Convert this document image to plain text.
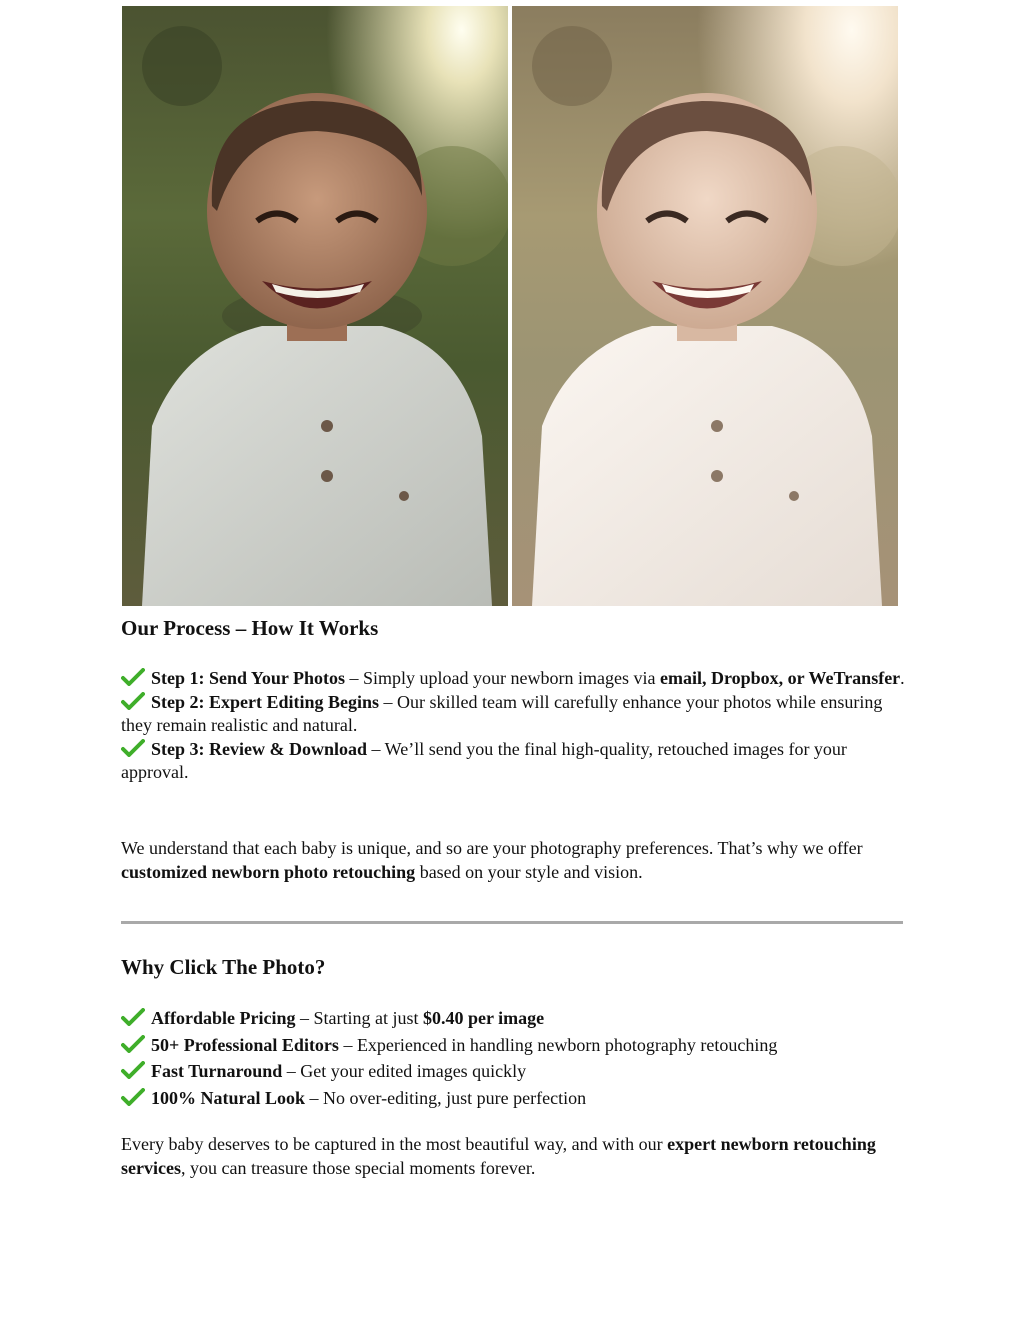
Our Process – How It Works
Step 1: Send Your Photos – Simply upload your newborn images via email, Dropbox, or WeTransfer.
Step 2: Expert Editing Begins – Our skilled team will carefully enhance your photos while ensuring they remain realistic and natural.
Step 3: Review & Download – We’ll send you the final high-quality, retouched images for your approval.

We understand that each baby is unique, and so are your photography preferences. That’s why we offer customized newborn photo retouching based on your style and vision.

Why Click The Photo?
Affordable Pricing – Starting at just $0.40 per image
50+ Professional Editors – Experienced in handling newborn photography retouching
Fast Turnaround – Get your edited images quickly
100% Natural Look – No over-editing, just pure perfection

Every baby deserves to be captured in the most beautiful way, and with our expert newborn retouching services, you can treasure those special moments forever.
